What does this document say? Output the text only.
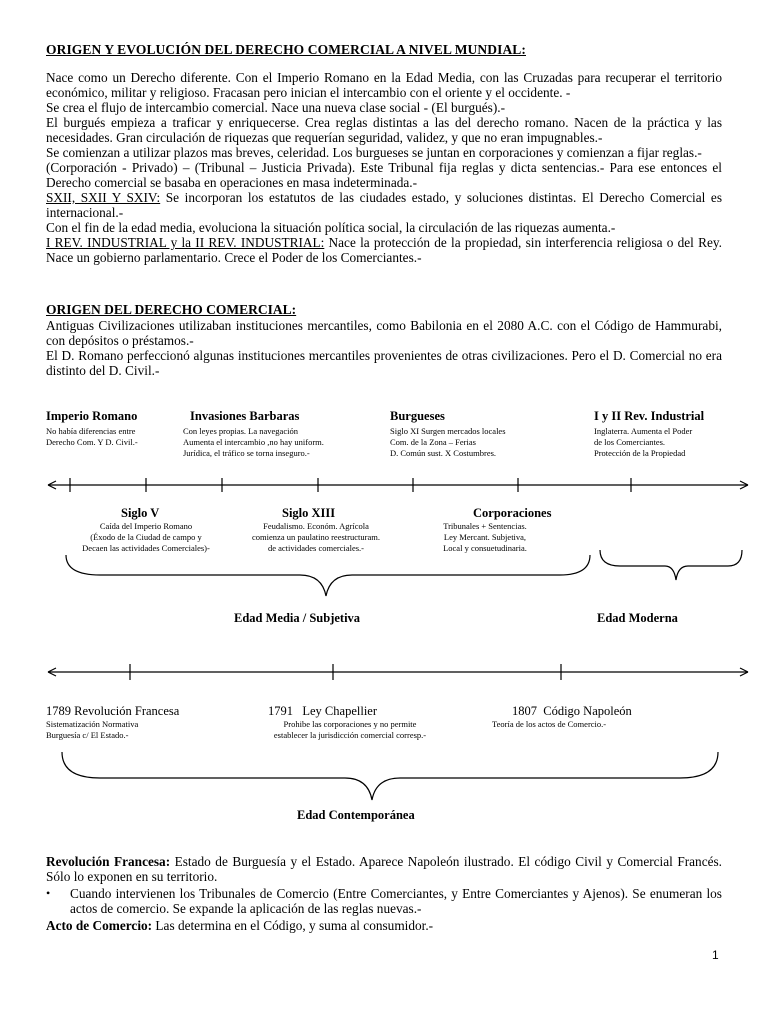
ORIGEN Y EVOLUCIÓN DEL DERECHO COMERCIAL A NIVEL MUNDIAL:

Nace como un Derecho diferente. Con el Imperio Romano en la Edad Media, con las Cruzadas para recuperar el territorio económico, militar y religioso. Fracasan pero inician el intercambio con el oriente y el occidente. -

Se crea el flujo de intercambio comercial. Nace una nueva clase social - (El burgués).-

El burgués empieza a traficar y enriquecerse. Crea reglas distintas a las del derecho romano. Nacen de la práctica y las necesidades. Gran circulación de riquezas que requerían seguridad, validez, y que no eran impugnables.-

Se comienzan a utilizar plazos mas breves, celeridad. Los burgueses se juntan en corporaciones y comienzan a fijar reglas.-

(Corporación - Privado) – (Tribunal – Justicia Privada). Este Tribunal fija reglas y dicta sentencias.- Para ese entonces el Derecho comercial se basaba en operaciones en masa indeterminada.-

SXII, SXII Y SXIV: Se incorporan los estatutos de las ciudades estado, y soluciones distintas. El Derecho Comercial es internacional.-

Con el fin de la edad media, evoluciona la situación política social, la circulación de las riquezas aumenta.-

I REV. INDUSTRIAL y la II REV. INDUSTRIAL: Nace la protección de la propiedad, sin interferencia religiosa o del Rey. Nace un gobierno parlamentario. Crece el Poder de los Comerciantes.-

ORIGEN DEL DERECHO COMERCIAL:

Antiguas Civilizaciones utilizaban instituciones mercantiles, como Babilonia en el 2080 A.C. con el Código de Hammurabi, con depósitos o préstamos.-

El D. Romano perfeccionó algunas instituciones mercantiles provenientes de otras civilizaciones. Pero el D. Comercial no era distinto del D. Civil.-

Imperio Romano
No había diferencias entre
Derecho Com. Y D. Civil.-
Invasiones Barbaras
Con leyes propias. La navegación
Aumenta el intercambio ,no hay uniform.
Jurídica, el tráfico se torna inseguro.-
Burgueses
Siglo XI Surgen mercados locales
Com. de la Zona – Ferias
D. Común sust. X Costumbres.
I y II Rev. Industrial
Inglaterra. Aumenta el Poder
de los Comerciantes.
Protección de la Propiedad
Siglo V
Caída del Imperio Romano
(Éxodo de la Ciudad de campo y
Decaen las actividades Comerciales)-
Siglo XIII
Feudalismo. Económ. Agrícola
comienza un paulatino reestructuram.
de actividades comerciales.-
Corporaciones
Tribunales + Sentencias.
Ley Mercant. Subjetiva,
Local y consuetudinaria.
Edad Media / Subjetiva	Edad Moderna
1789 Revolución Francesa
Sistematización Normativa
Burguesía c/ El Estado.-
1791   Ley Chapellier
Prohibe las corporaciones y no permite
establecer la jurisdicción comercial corresp.-
1807  Código Napoleón
Teoría de los actos de Comercio.-
Edad Contemporánea
Revolución Francesa: Estado de Burguesía y el Estado. Aparece Napoleón ilustrado. El código Civil y Comercial Francés. Sólo lo exponen en su territorio.
• Cuando intervienen los Tribunales de Comercio (Entre Comerciantes, y Entre Comerciantes y Ajenos). Se enumeran los actos de comercio. Se expande la aplicación de las reglas nuevas.-
Acto de Comercio: Las determina en el Código, y suma al consumidor.-
1
